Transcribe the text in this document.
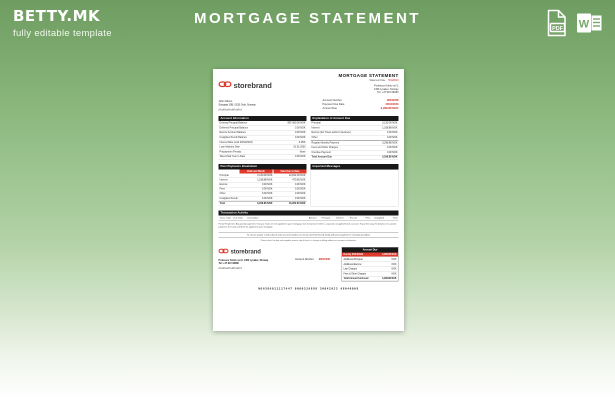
BETTY.MK
fully editable template
MORTGAGE STATEMENT
PDF W
storebrand
John Citizen
Storgata 10B, 0155 Oslo, Norway
ıllıılıllıııllıılıllıııllııl
MORTGAGE STATEMENT
Statement Date 5/04/2023
Professor Kohts vei 9,
1366 Lysaker, Norway
Tel: +47 915 08080
Account Number	98040008
Payment Due Date	30/04/2023
Amount Due	3,298.88 NOK
Account Information
Existing Principal Balance	857,360.00 NOK
Deferred Principal Balance	0.00 NOK
Escrow Account Balance	0.00 NOK
Unapplied Funds Balance	0.00 NOK
Interest Rate (until 30/04/2023)	3.15%
Loan Maturity Date	01.01.2033
Prepayment Penalty	None
Taxes Paid Year to Date	0.00 NOK
Explanation of Amount Due
Principal	2,130.00 NOK
Interest	1,168.88 NOK
Escrow (For Taxes and/or Insurance)	0.00 NOK
Other	0.00 NOK
Regular Monthly Payment	3,298.88 NOK
Fees and Other Charges	0.00 NOK
Overdue Payment	0.00 NOK
Total Amount Due	3,298.88 NOK
Past Payments Breakdown
Paid Last Month	Paid Year to Date
Principal	2,130.00 NOK	12,812.00 NOK
Interest	1,168.88 NOK	470.80 NOK
Escrow	0.00 NOK	0.00 NOK
Fees	0.00 NOK	0.00 NOK
Other	0.00 NOK	0.00 NOK
Unapplied Funds	0.00 NOK	0.00 NOK
Total	3,298.88 NOK	13,282.80 NOK
Important Messages
Transaction Activity
Trans. Date Due Date	Description	Amount	Principal	Interest	Escrow	Fees Unapplied	Total
Partial Payments: Any partial payments that you make are not applied to your mortgage, but instead are held in a separate unapplied funds account. If you then pay the balance of a partial payment, the funds will then be applied to your mortgage.
To ensure proper credit, please write account number on check and mail this bill along with your payment in envelope provided.
Please check the box and complete reverse side if there is a change in billing address or insurance information.
storebrand
Professor Kohts vei 9, 1366 Lysaker, Norway
Tel: +47 915 08080
ıllıılıllıııllıılıllıııllııl
Account Number 98040008
Amount Due
Due By 30/04/2023	3,298.88 NOK
Additional Principal	NOK
Additional Escrow	NOK
Late Charges	NOK
Fees & Other Charges	NOK
Total Amount Enclosed	3,298.88 NOK
NO9386011117947 0000329888 30042023 98040008
